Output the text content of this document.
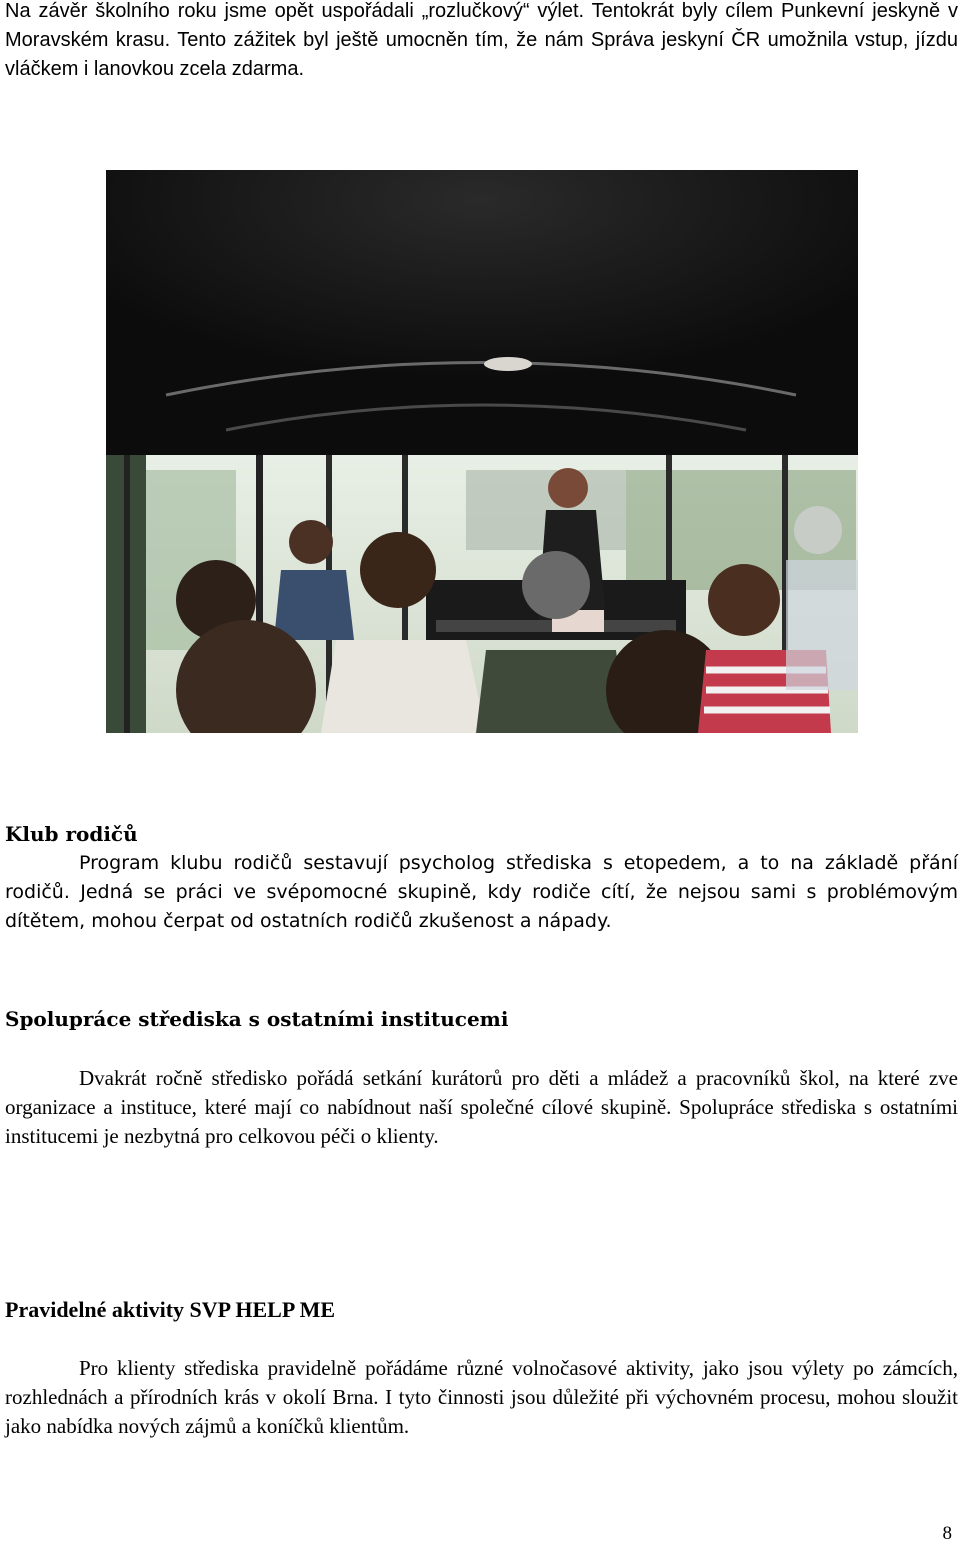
Na závěr školního roku jsme opět uspořádali „rozlučkový“ výlet. Tentokrát byly cílem Punkevní jeskyně v Moravském krasu. Tento zážitek byl ještě umocněn tím, že nám Správa jeskyní ČR umožnila vstup, jízdu vláčkem i lanovkou zcela zdarma.

Klub rodičů

Program klubu rodičů sestavují psycholog střediska s etopedem, a to na základě přání rodičů. Jedná se práci ve svépomocné skupině, kdy rodiče cítí, že nejsou sami s problémovým dítětem, mohou čerpat od ostatních rodičů zkušenost a nápady.

Spolupráce střediska s ostatními institucemi

Dvakrát ročně středisko pořádá setkání kurátorů pro děti a mládež a pracovníků škol, na které zve organizace a instituce, které mají co nabídnout naší společné cílové skupině. Spolupráce střediska s ostatními institucemi je nezbytná pro celkovou péči o klienty.

Pravidelné aktivity SVP HELP ME

Pro klienty střediska pravidelně pořádáme různé volnočasové aktivity, jako jsou výlety po zámcích, rozhlednách a přírodních krás v okolí Brna. I tyto činnosti jsou důležité při výchovném procesu, mohou sloužit jako nabídka nových zájmů a koníčků klientům.

8
